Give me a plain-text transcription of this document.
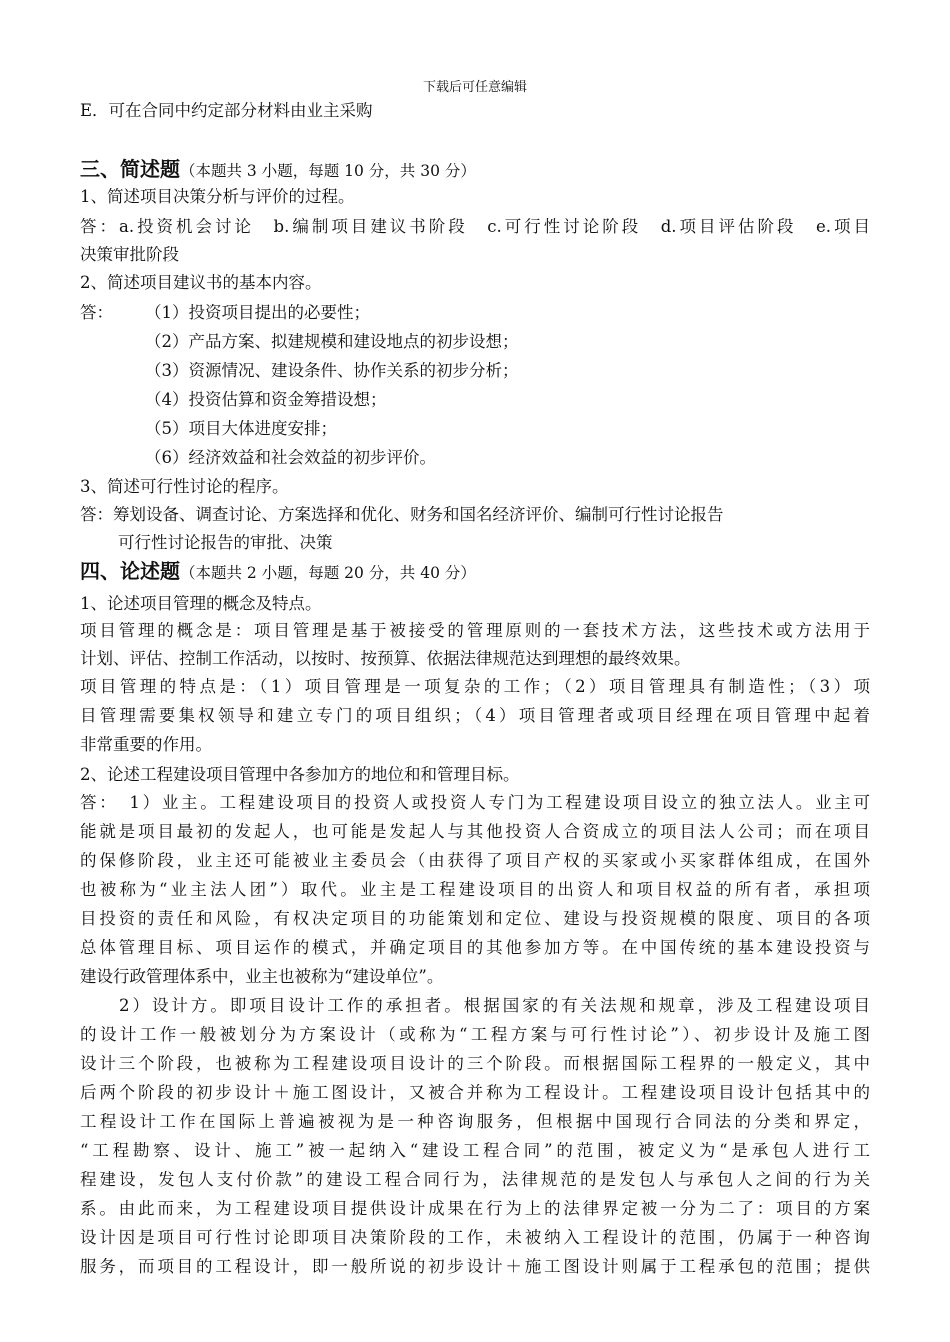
下载后可任意编辑
E．可在合同中约定部分材料由业主采购
三、简述题（本题共 3 小题，每题 10 分，共 30 分）
1、简述项目决策分析与评价的过程。
答：a.投资机会讨论　b.编制项目建议书阶段　c.可行性讨论阶段　d.项目评估阶段　e.项目
决策审批阶段
2、简述项目建议书的基本内容。
答： （1）投资项目提出的必要性；
（2）产品方案、拟建规模和建设地点的初步设想；
（3）资源情况、建设条件、协作关系的初步分析；
（4）投资估算和资金筹措设想；
（5）项目大体进度安排；
（6）经济效益和社会效益的初步评价。
3、简述可行性讨论的程序。
答：筹划设备、调查讨论、方案选择和优化、财务和国名经济评价、编制可行性讨论报告
可行性讨论报告的审批、决策
四、论述题（本题共 2 小题，每题 20 分，共 40 分）
1、论述项目管理的概念及特点。
项目管理的概念是：项目管理是基于被接受的管理原则的一套技术方法，这些技术或方法用于
计划、评估、控制工作活动，以按时、按预算、依据法律规范达到理想的最终效果。
项目管理的特点是：（1）项目管理是一项复杂的工作；（2）项目管理具有制造性；（3）项
目管理需要集权领导和建立专门的项目组织；（4）项目管理者或项目经理在项目管理中起着
非常重要的作用。
2、论述工程建设项目管理中各参加方的地位和和管理目标。
答：　1）业主。工程建设项目的投资人或投资人专门为工程建设项目设立的独立法人。业主可
能就是项目最初的发起人，也可能是发起人与其他投资人合资成立的项目法人公司；而在项目
的保修阶段，业主还可能被业主委员会（由获得了项目产权的买家或小买家群体组成，在国外
也被称为“业主法人团”）取代。业主是工程建设项目的出资人和项目权益的所有者，承担项
目投资的责任和风险，有权决定项目的功能策划和定位、建设与投资规模的限度、项目的各项
总体管理目标、项目运作的模式，并确定项目的其他参加方等。在中国传统的基本建设投资与
建设行政管理体系中，业主也被称为“建设单位”。
　　2）设计方。即项目设计工作的承担者。根据国家的有关法规和规章，涉及工程建设项目
的设计工作一般被划分为方案设计（或称为“工程方案与可行性讨论”）、初步设计及施工图
设计三个阶段，也被称为工程建设项目设计的三个阶段。而根据国际工程界的一般定义，其中
后两个阶段的初步设计＋施工图设计，又被合并称为工程设计。工程建设项目设计包括其中的
工程设计工作在国际上普遍被视为是一种咨询服务，但根据中国现行合同法的分类和界定，
“工程勘察、设计、施工”被一起纳入“建设工程合同”的范围，被定义为“是承包人进行工
程建设，发包人支付价款”的建设工程合同行为，法律规范的是发包人与承包人之间的行为关
系。由此而来，为工程建设项目提供设计成果在行为上的法律界定被一分为二了：项目的方案
设计因是项目可行性讨论即项目决策阶段的工作，未被纳入工程设计的范围，仍属于一种咨询
服务，而项目的工程设计，即一般所说的初步设计＋施工图设计则属于工程承包的范围；提供
